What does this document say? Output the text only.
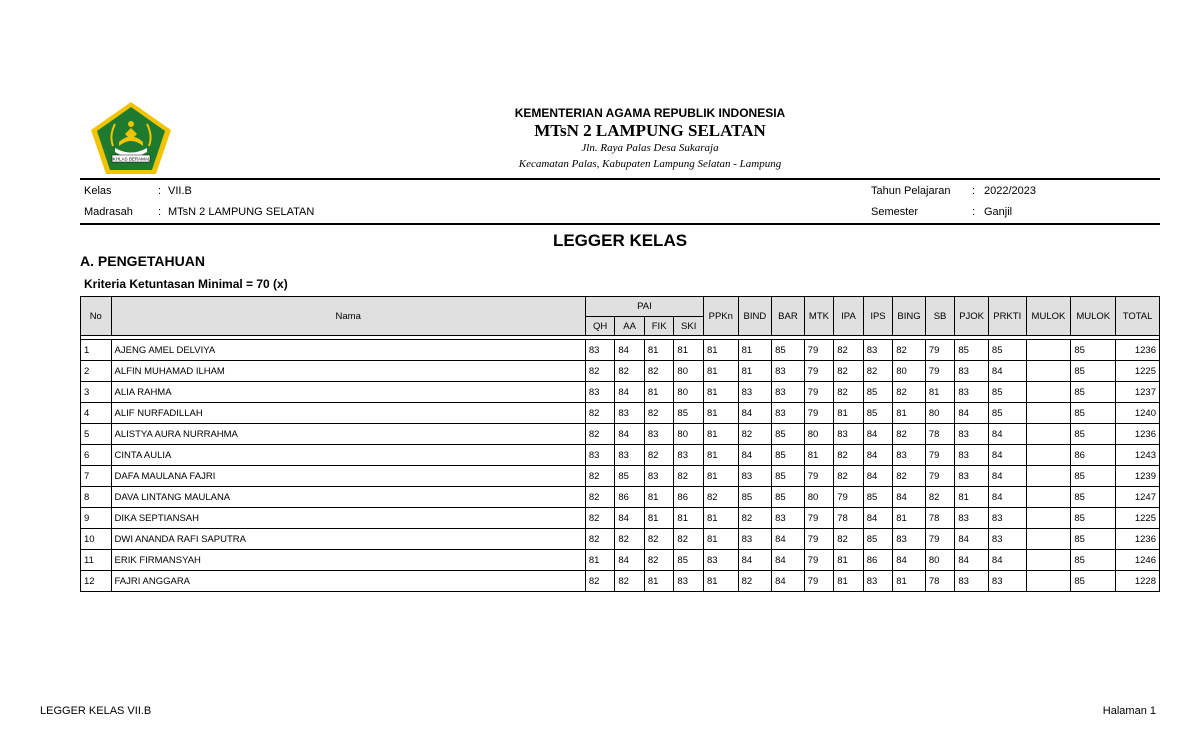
IKHLAS BERAMAL
KEMENTERIAN AGAMA REPUBLIK INDONESIA
MTsN 2 LAMPUNG SELATAN
Jln. Raya Palas Desa Sukaraja
Kecamatan Palas, Kabupaten Lampung Selatan - Lampung
Kelas	: VII.B
Madrasah : MTsN 2 LAMPUNG SELATAN
Tahun Pelajaran : 2022/2023
Semester	: Ganjil
LEGGER KELAS
A. PENGETAHUAN
Kriteria Ketuntasan Minimal = 70 (x)
No	Nama	PAI				PPKn	BIND	BAR	MTK	IPA	IPS	BING	SB	PJOK	PRKTI	MULOK	MULOK	TOTAL
		QH	AA	FIK	SKI													

1	AJENG AMEL DELVIYA	83	84	81	81	81	81	85	79	82	83	82	79	85	85		85	1236
2	ALFIN MUHAMAD ILHAM	82	82	82	80	81	81	83	79	82	82	80	79	83	84		85	1225
3	ALIA RAHMA	83	84	81	80	81	83	83	79	82	85	82	81	83	85		85	1237
4	ALIF NURFADILLAH	82	83	82	85	81	84	83	79	81	85	81	80	84	85		85	1240
5	ALISTYA AURA NURRAHMA	82	84	83	80	81	82	85	80	83	84	82	78	83	84		85	1236
6	CINTA AULIA	83	83	82	83	81	84	85	81	82	84	83	79	83	84		86	1243
7	DAFA MAULANA FAJRI	82	85	83	82	81	83	85	79	82	84	82	79	83	84		85	1239
8	DAVA LINTANG MAULANA	82	86	81	86	82	85	85	80	79	85	84	82	81	84		85	1247
9	DIKA SEPTIANSAH	82	84	81	81	81	82	83	79	78	84	81	78	83	83		85	1225
10	DWI ANANDA RAFI SAPUTRA	82	82	82	82	81	83	84	79	82	85	83	79	84	83		85	1236
11	ERIK FIRMANSYAH	81	84	82	85	83	84	84	79	81	86	84	80	84	84		85	1246
12	FAJRI ANGGARA	82	82	81	83	81	82	84	79	81	83	81	78	83	83		85	1228
LEGGER KELAS VII.B	Halaman 1
